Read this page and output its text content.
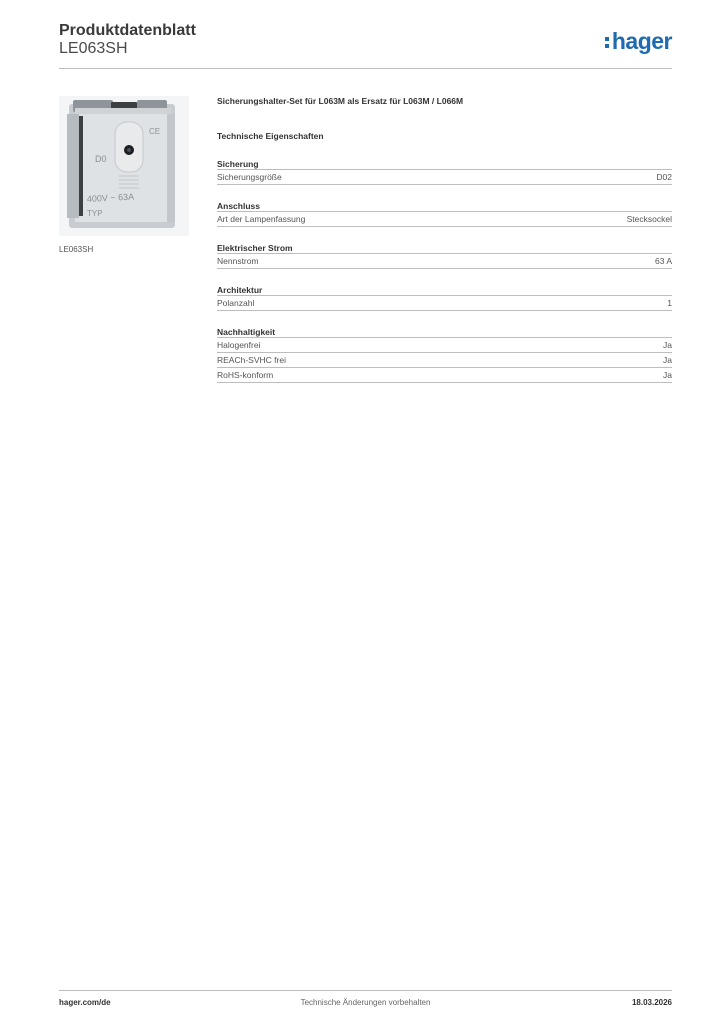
Produktdatenblatt
LE063SH	hager
D0
CE
400V ~ 63A
TYP
LE063SH
Sicherungshalter-Set für L063M als Ersatz für L063M / L066M
Technische Eigenschaften
Sicherung
Sicherungsgröße	D02
Anschluss
Art der Lampenfassung	Stecksockel
Elektrischer Strom
Nennstrom	63 A
Architektur
Polanzahl	1
Nachhaltigkeit
Halogenfrei	Ja
REACh-SVHC frei	Ja
RoHS-konform	Ja
hager.com/de	Technische Änderungen vorbehalten	18.03.2026
